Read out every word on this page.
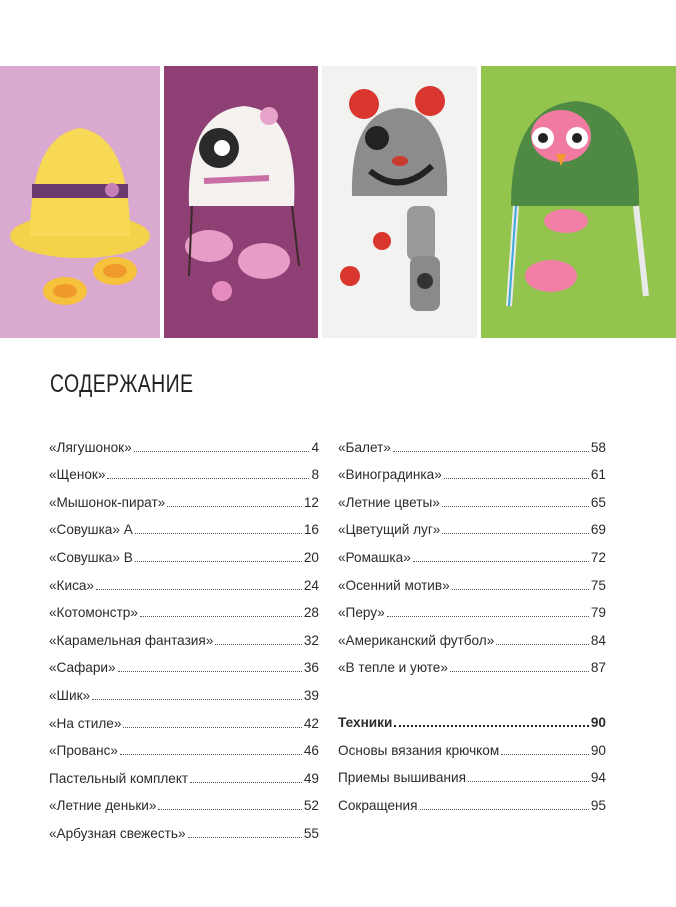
СОДЕРЖАНИЕ
«Лягушонок»	4
«Щенок»	8
«Мышонок-пират»	12
«Совушка» А	16
«Совушка» В	20
«Киса»	24
«Котомонстр»	28
«Карамельная фантазия»	32
«Сафари»	36
«Шик»	39
«На стиле»	42
«Прованс»	46
Пастельный комплект	49
«Летние деньки»	52
«Арбузная свежесть»	55
«Балет»	58
«Виноградинка»	61
«Летние цветы»	65
«Цветущий луг»	69
«Ромашка»	72
«Осенний мотив»	75
«Перу»	79
«Американский футбол»	84
«В тепле и уюте»	87
Техники	90
Основы вязания крючком	90
Приемы вышивания	94
Сокращения	95
